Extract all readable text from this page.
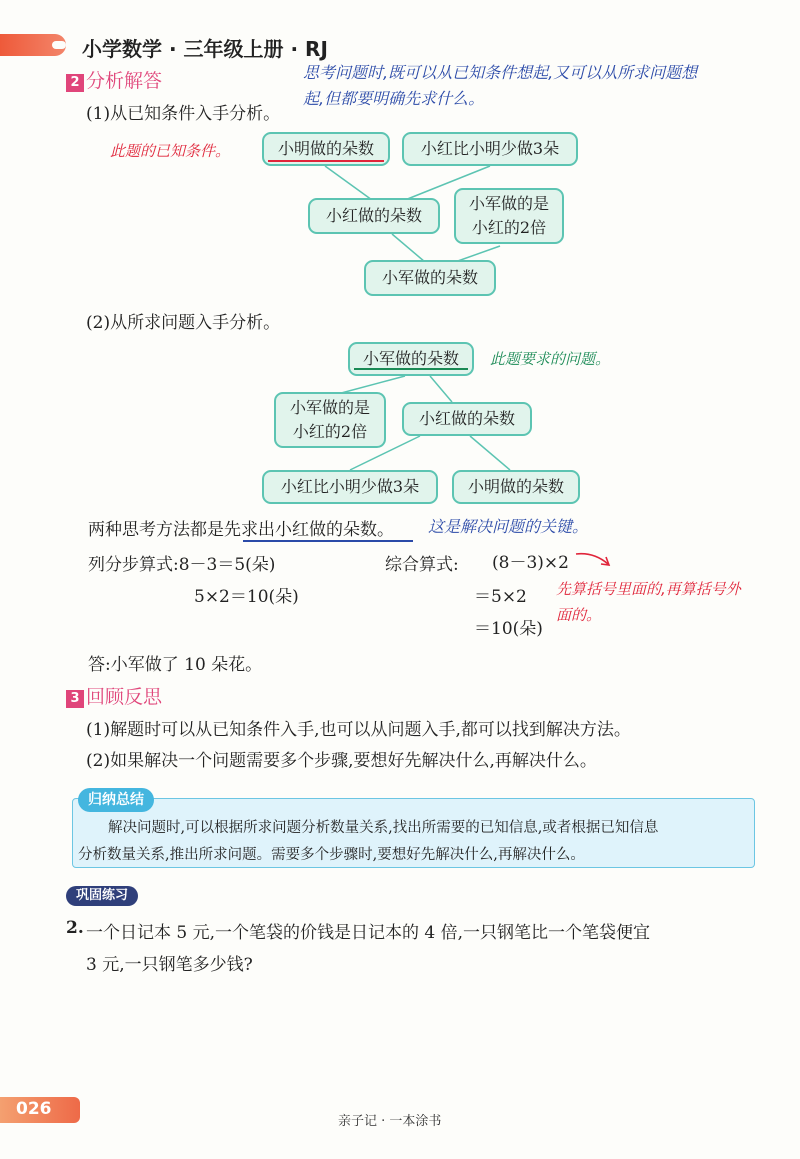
小学数学 · 三年级上册 · RJ
2 分析解答	思考问题时,既可以从已知条件想起,又可以从所求问题想
起,但都要明确先求什么。
(1)从已知条件入手分析。
此题的已知条件。	小明做的朵数	小红比小明少做3朵
小红做的朵数
小军做的是
小红的2倍
小军做的朵数
(2)从所求问题入手分析。
小军做的朵数	此题要求的问题。
小军做的是
小红的2倍
小红做的朵数
小红比小明少做3朵	小明做的朵数
两种思考方法都是先求出小红做的朵数。 这是解决问题的关键。
列分步算式:8－3＝5(朵)
5×2＝10(朵)
综合算式: (8－3)×2
＝5×2
＝10(朵)
先算括号里面的,再算括号外
面的。
答:小军做了 10 朵花。
3 回顾反思
(1)解题时可以从已知条件入手,也可以从问题入手,都可以找到解决方法。
(2)如果解决一个问题需要多个步骤,要想好先解决什么,再解决什么。
归纳总结
解决问题时,可以根据所求问题分析数量关系,找出所需要的已知信息,或者根据已知信息
分析数量关系,推出所求问题。需要多个步骤时,要想好先解决什么,再解决什么。
巩固练习
2. 一个日记本 5 元,一个笔袋的价钱是日记本的 4 倍,一只钢笔比一个笔袋便宜
3 元,一只钢笔多少钱?
026
亲子记 · 一本涂书
